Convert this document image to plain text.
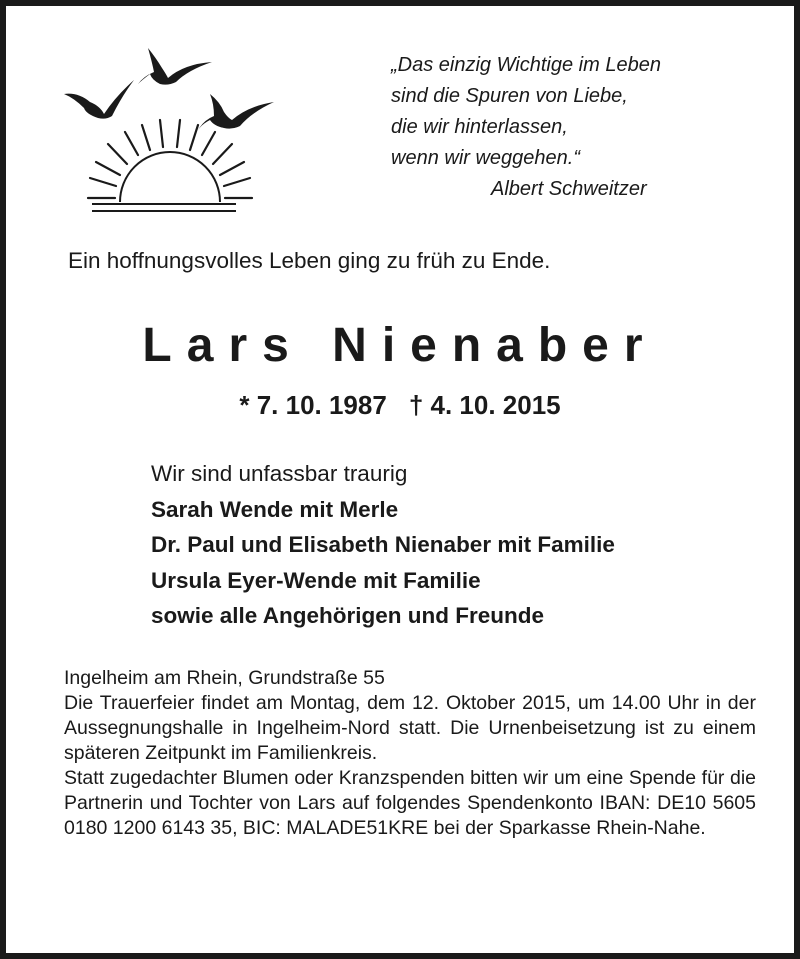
„Das einzig Wichtige im Leben
sind die Spuren von Liebe,
die wir hinterlassen,
wenn wir weggehen.“
Albert Schweitzer
Ein hoffnungsvolles Leben ging zu früh zu Ende.
Lars Nienaber
* 7. 10. 1987 † 4. 10. 2015
Wir sind unfassbar traurig
Sarah Wende mit Merle
Dr. Paul und Elisabeth Nienaber mit Familie
Ursula Eyer-Wende mit Familie
sowie alle Angehörigen und Freunde

Ingelheim am Rhein, Grundstraße 55

Die Trauerfeier findet am Montag, dem 12. Oktober 2015, um 14.00 Uhr in der Aussegnungshalle in Ingelheim-Nord statt. Die Urnenbeisetzung ist zu einem späteren Zeitpunkt im Familienkreis.

Statt zugedachter Blumen oder Kranzspenden bitten wir um eine Spende für die Partnerin und Tochter von Lars auf folgendes Spendenkonto IBAN: DE10 5605 0180 1200 6143 35, BIC: MALADE51KRE bei der Sparkasse Rhein-Nahe.
